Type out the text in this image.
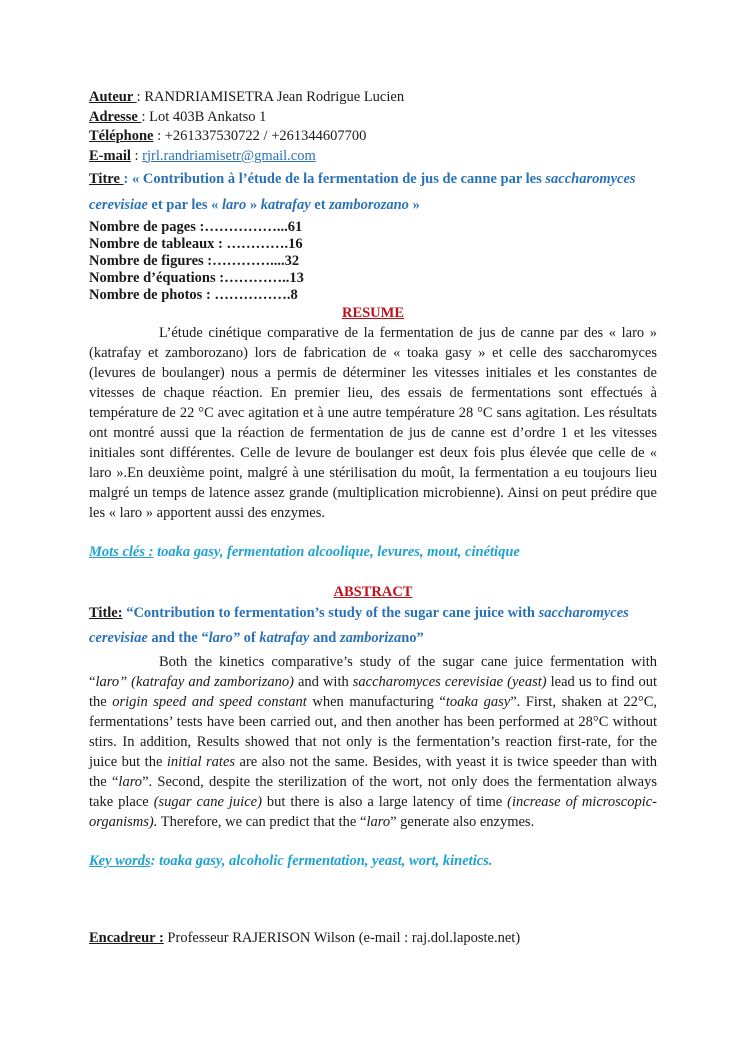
Auteur : RANDRIAMISETRA Jean Rodrigue Lucien
Adresse : Lot 403B Ankatso 1
Téléphone : +261337530722 / +261344607700
E-mail : rjrl.randriamisetr@gmail.com
Titre : « Contribution à l’étude de la fermentation de jus de canne par les saccharomyces
cerevisiae et par les « laro » katrafay et zamborozano »
Nombre de pages :……………...61
Nombre de tableaux : ………….16
Nombre de figures :…………....32
Nombre d’équations :…………..13
Nombre de photos : …………….8
RESUME

L’étude cinétique comparative de la fermentation de jus de canne par des « laro » (katrafay et zamborozano) lors de fabrication de « toaka gasy » et celle des saccharomyces (levures de boulanger) nous a permis de déterminer les vitesses initiales et les constantes de vitesses de chaque réaction. En premier lieu, des essais de fermentations sont effectués à température de 22 °C avec agitation et à une autre température 28 °C sans agitation. Les résultats ont montré aussi que la réaction de fermentation de jus de canne est d’ordre 1 et les vitesses initiales sont différentes. Celle de levure de boulanger est deux fois plus élevée que celle de « laro ».En deuxième point, malgré à une stérilisation du moût, la fermentation a eu toujours lieu malgré un temps de latence assez grande (multiplication microbienne). Ainsi on peut prédire que les « laro » apportent aussi des enzymes.

Mots clés : toaka gasy, fermentation alcoolique, levures, mout, cinétique
ABSTRACT
Title: “Contribution to fermentation’s study of the sugar cane juice with saccharomyces
cerevisiae and the “laro” of katrafay and zamborizano”

Both the kinetics comparative’s study of the sugar cane juice fermentation with “laro” (katrafay and zamborizano) and with saccharomyces cerevisiae (yeast) lead us to find out the origin speed and speed constant when manufacturing “toaka gasy”. First, shaken at 22°C, fermentations’ tests have been carried out, and then another has been performed at 28°C without stirs. In addition, Results showed that not only is the fermentation’s reaction first-rate, for the juice but the initial rates are also not the same. Besides, with yeast it is twice speeder than with the “laro”. Second, despite the sterilization of the wort, not only does the fermentation always take place (sugar cane juice) but there is also a large latency of time (increase of microscopic-organisms). Therefore, we can predict that the “laro” generate also enzymes.

Key words: toaka gasy, alcoholic fermentation, yeast, wort, kinetics.
Encadreur : Professeur RAJERISON Wilson (e-mail : raj.dol.laposte.net)
